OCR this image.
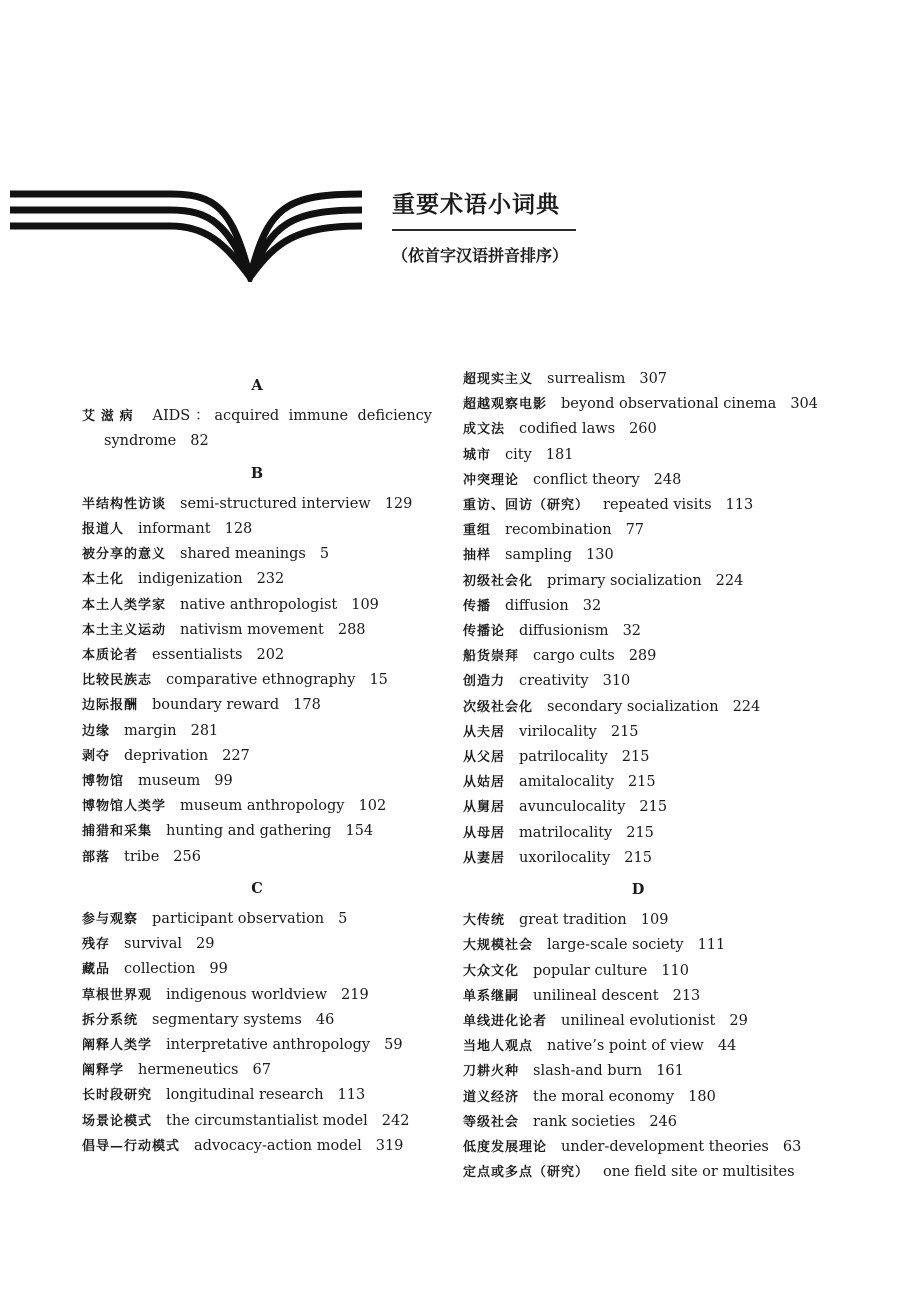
重要术语小词典
（依首字汉语拼音排序）
A
艾滋病 AIDS：acquired immune deficiency syndrome 82
B
半结构性访谈 semi-structured interview 129
报道人 informant 128
被分享的意义 shared meanings 5
本土化 indigenization 232
本土人类学家 native anthropologist 109
本土主义运动 nativism movement 288
本质论者 essentialists 202
比较民族志 comparative ethnography 15
边际报酬 boundary reward 178
边缘 margin 281
剥夺 deprivation 227
博物馆 museum 99
博物馆人类学 museum anthropology 102
捕猎和采集 hunting and gathering 154
部落 tribe 256
C
参与观察 participant observation 5
残存 survival 29
藏品 collection 99
草根世界观 indigenous worldview 219
拆分系统 segmentary systems 46
阐释人类学 interpretative anthropology 59
阐释学 hermeneutics 67
长时段研究 longitudinal research 113
场景论模式 the circumstantialist model 242
倡导—行动模式 advocacy-action model 319
超现实主义 surrealism 307
超越观察电影 beyond observational cinema 304
成文法 codified laws 260
城市 city 181
冲突理论 conflict theory 248
重访、回访（研究） repeated visits 113
重组 recombination 77
抽样 sampling 130
初级社会化 primary socialization 224
传播 diffusion 32
传播论 diffusionism 32
船货崇拜 cargo cults 289
创造力 creativity 310
次级社会化 secondary socialization 224
从夫居 virilocality 215
从父居 patrilocality 215
从姑居 amitalocality 215
从舅居 avunculocality 215
从母居 matrilocality 215
从妻居 uxorilocality 215
D
大传统 great tradition 109
大规模社会 large-scale society 111
大众文化 popular culture 110
单系继嗣 unilineal descent 213
单线进化论者 unilineal evolutionist 29
当地人观点 native’s point of view 44
刀耕火种 slash-and burn 161
道义经济 the moral economy 180
等级社会 rank societies 246
低度发展理论 under-development theories 63
定点或多点（研究） one field site or multisites
